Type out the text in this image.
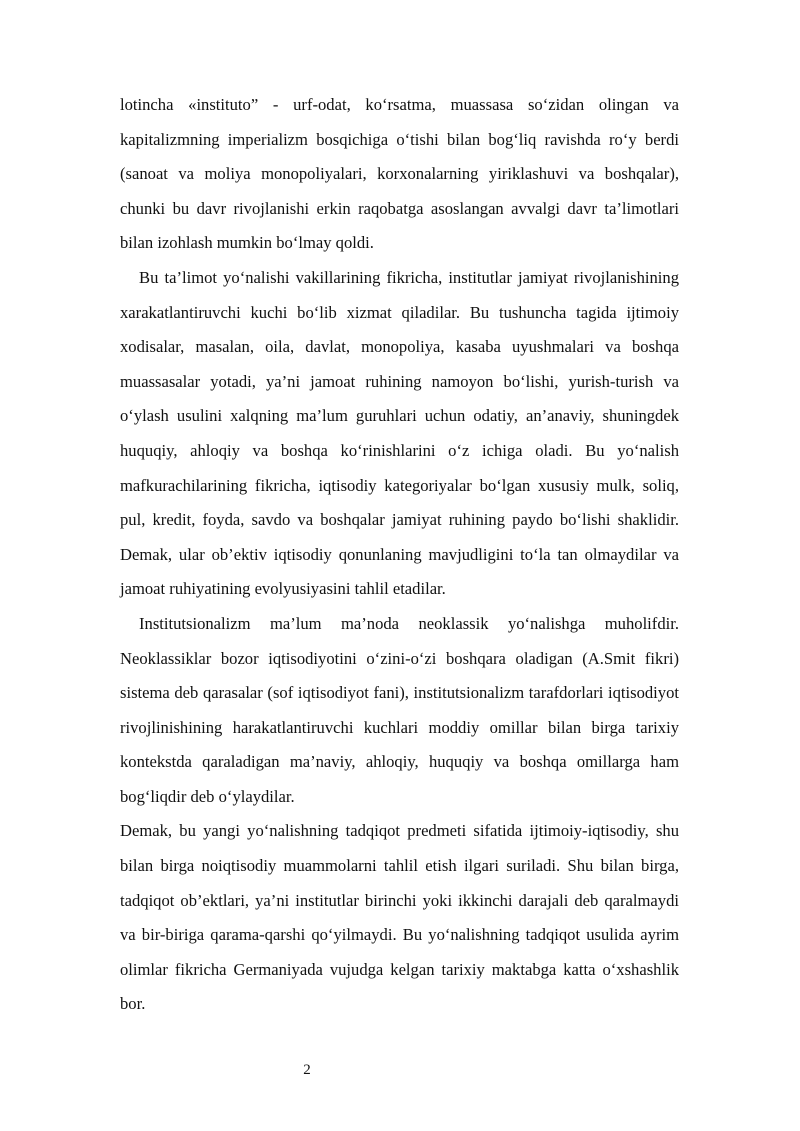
lotincha «instituto” - urf-odat, ko‘rsatma, muassasa so‘zidan olingan va kapitalizmning imperializm bosqichiga o‘tishi bilan bog‘liq ravishda ro‘y berdi (sanoat va moliya monopoliyalari, korxonalarning yiriklashuvi va boshqalar), chunki bu davr rivojlanishi erkin raqobatga asoslangan avvalgi davr ta’limotlari bilan izohlash mumkin bo‘lmay qoldi.

Bu ta’limot yo‘nalishi vakillarining fikricha, institutlar jamiyat rivojlanishining xarakatlantiruvchi kuchi bo‘lib xizmat qiladilar. Bu tushuncha tagida ijtimoiy xodisalar, masalan, oila, davlat, monopoliya, kasaba uyushmalari va boshqa muassasalar yotadi, ya’ni jamoat ruhining namoyon bo‘lishi, yurish-turish va o‘ylash usulini xalqning ma’lum guruhlari uchun odatiy, an’anaviy, shuningdek huquqiy, ahloqiy va boshqa ko‘rinishlarini o‘z ichiga oladi. Bu yo‘nalish mafkurachilarining fikricha, iqtisodiy kategoriyalar bo‘lgan xususiy mulk, soliq, pul, kredit, foyda, savdo va boshqalar jamiyat ruhining paydo bo‘lishi shaklidir. Demak, ular ob’ektiv iqtisodiy qonunlaning mavjudligini to‘la tan olmaydilar va jamoat ruhiyatining evolyusiyasini tahlil etadilar.

Institutsionalizm ma’lum ma’noda neoklassik yo‘nalishga muholifdir. Neoklassiklar bozor iqtisodiyotini o‘zini-o‘zi boshqara oladigan (A.Smit fikri) sistema deb qarasalar (sof iqtisodiyot fani), institutsionalizm tarafdorlari iqtisodiyot rivojlinishining harakatlantiruvchi kuchlari moddiy omillar bilan birga tarixiy kontekstda qaraladigan ma’naviy, ahloqiy, huquqiy va boshqa omillarga ham bog‘liqdir deb o‘ylaydilar.

Demak, bu yangi yo‘nalishning tadqiqot predmeti sifatida ijtimoiy-iqtisodiy, shu bilan birga noiqtisodiy muammolarni tahlil etish ilgari suriladi. Shu bilan birga, tadqiqot ob’ektlari, ya’ni institutlar birinchi yoki ikkinchi darajali deb qaralmaydi va bir-biriga qarama-qarshi qo‘yilmaydi. Bu yo‘nalishning tadqiqot usulida ayrim olimlar fikricha Germaniyada vujudga kelgan tarixiy maktabga katta o‘xshashlik bor.

2
